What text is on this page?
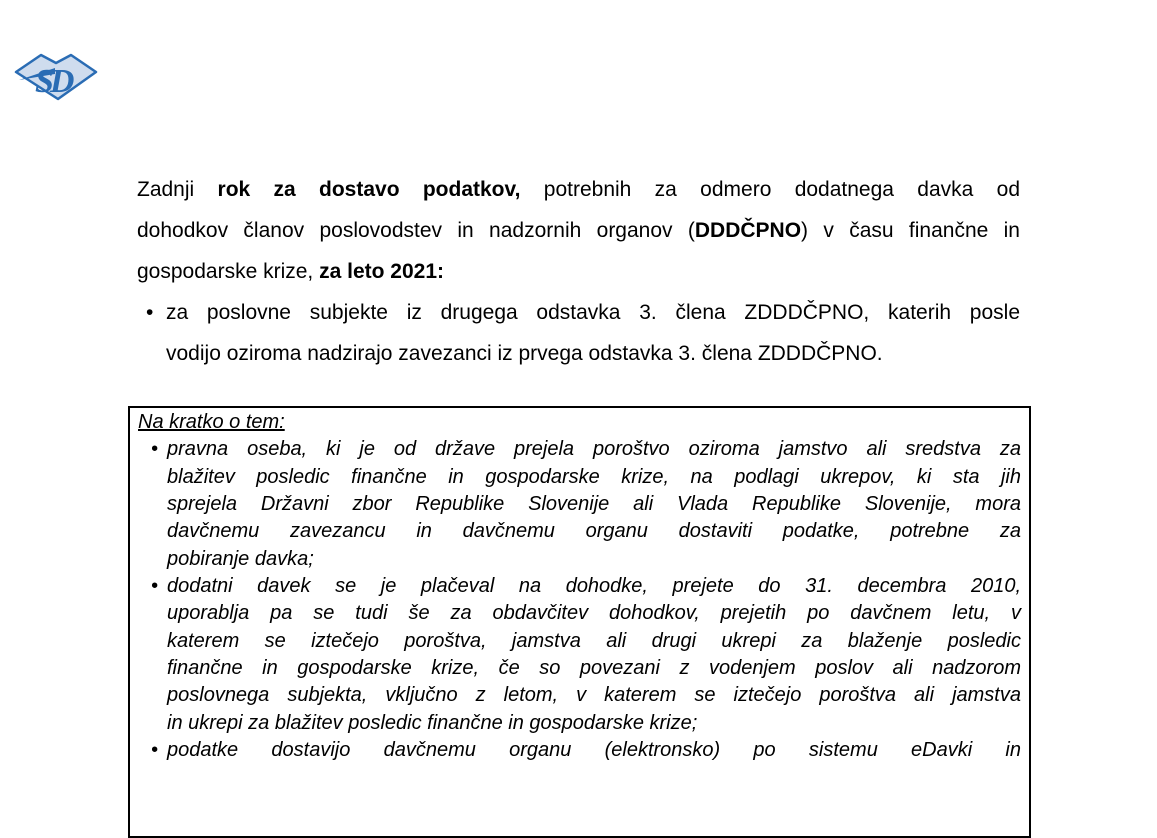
SD
Zadnji rok za dostavo podatkov, potrebnih za odmero dodatnega davka od
dohodkov članov poslovodstev in nadzornih organov (DDDČPNO) v času finančne in
gospodarske krize, za leto 2021:
• za poslovne subjekte iz drugega odstavka 3. člena ZDDDČPNO, katerih posle
vodijo oziroma nadzirajo zavezanci iz prvega odstavka 3. člena ZDDDČPNO.
Na kratko o tem:
• pravna oseba, ki je od države prejela poroštvo oziroma jamstvo ali sredstva za
blažitev posledic finančne in gospodarske krize, na podlagi ukrepov, ki sta jih
sprejela Državni zbor Republike Slovenije ali Vlada Republike Slovenije, mora
davčnemu zavezancu in davčnemu organu dostaviti podatke, potrebne za
pobiranje davka;
• dodatni davek se je plačeval na dohodke, prejete do 31. decembra 2010,
uporablja pa se tudi še za obdavčitev dohodkov, prejetih po davčnem letu, v
katerem se iztečejo poroštva, jamstva ali drugi ukrepi za blaženje posledic
finančne in gospodarske krize, če so povezani z vodenjem poslov ali nadzorom
poslovnega subjekta, vključno z letom, v katerem se iztečejo poroštva ali jamstva
in ukrepi za blažitev posledic finančne in gospodarske krize;
• podatke dostavijo davčnemu organu (elektronsko) po sistemu eDavki in
